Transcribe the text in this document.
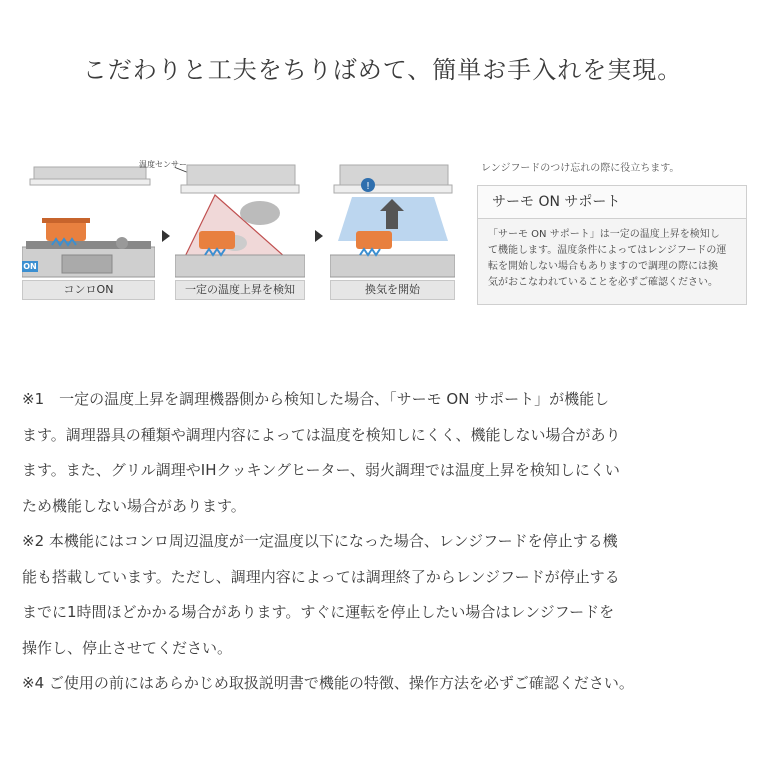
こだわりと工夫をちりばめて、簡単お手入れを実現。
ON
コンロON
温度センサー
一定の温度上昇を検知
!
換気を開始
レンジフードのつけ忘れの際に役立ちます。
サーモ ON サポート
「サーモ ON サポート」は一定の温度上昇を検知し
て機能します。温度条件によってはレンジフードの運
転を開始しない場合もありますので調理の際には換
気がおこなわれていることを必ずご確認ください。

※1　一定の温度上昇を調理機器側から検知した場合、「サーモ ON サポート」が機能し

ます。調理器具の種類や調理内容によっては温度を検知しにくく、機能しない場合があり

ます。また、グリル調理やIHクッキングヒーター、弱火調理では温度上昇を検知しにくい

ため機能しない場合があります。

※2 本機能にはコンロ周辺温度が一定温度以下になった場合、レンジフードを停止する機

能も搭載しています。ただし、調理内容によっては調理終了からレンジフードが停止する

までに1時間ほどかかる場合があります。すぐに運転を停止したい場合はレンジフードを

操作し、停止させてください。

※4 ご使用の前にはあらかじめ取扱説明書で機能の特徴、操作方法を必ずご確認ください。
